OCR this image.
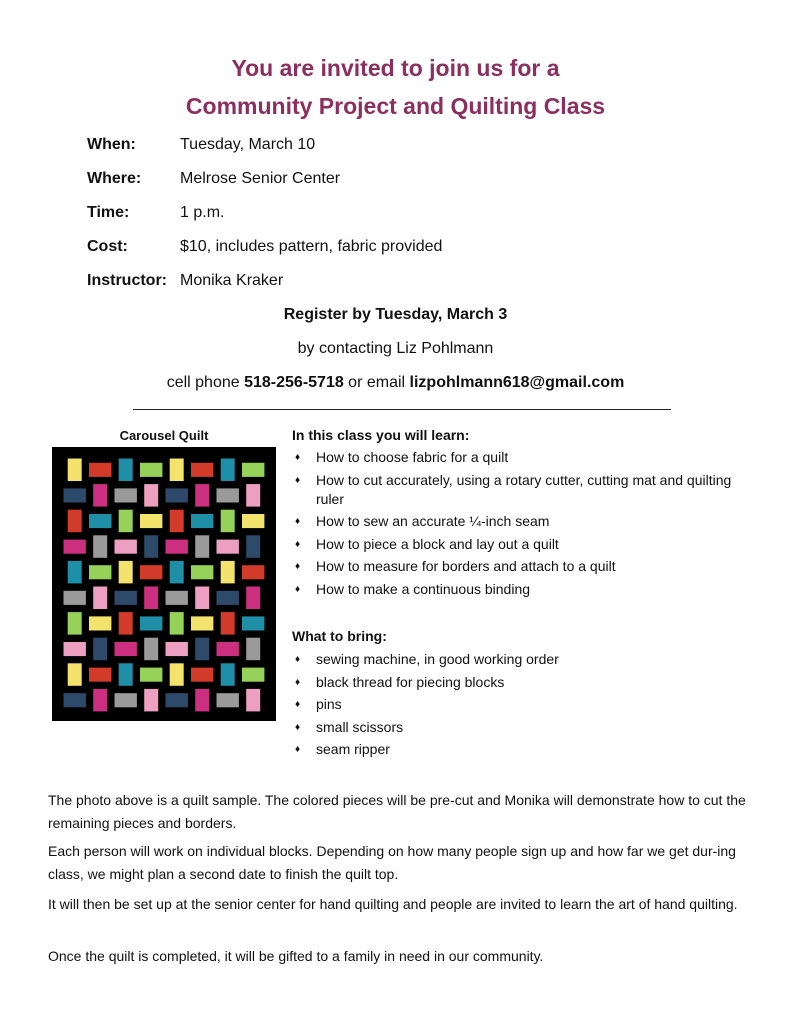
You are invited to join us for a
Community Project and Quilting Class
When:	Tuesday, March 10
Where: Melrose Senior Center
Time:	1 p.m.
Cost:	$10, includes pattern, fabric provided
Instructor: Monika Kraker
Register by Tuesday, March 3
by contacting Liz Pohlmann
cell phone 518-256-5718 or email lizpohlmann618@gmail.com
Carousel Quilt	In this class you will learn:
♦ How to choose fabric for a quilt
♦ How to cut accurately, using a rotary cutter, cutting mat and quilting ruler
♦ How to sew an accurate ¼-inch seam
♦ How to piece a block and lay out a quilt
♦ How to measure for borders and attach to a quilt
♦ How to make a continuous binding
What to bring:
♦ sewing machine, in good working order
♦ black thread for piecing blocks
♦ pins
♦ small scissors
♦ seam ripper
The photo above is a quilt sample. The colored pieces will be pre-cut and Monika will demonstrate how to cut the remaining pieces and borders.
Each person will work on individual blocks. Depending on how many people sign up and how far we get dur-ing class, we might plan a second date to finish the quilt top.
It will then be set up at the senior center for hand quilting and people are invited to learn the art of hand quilting.
Once the quilt is completed, it will be gifted to a family in need in our community.
